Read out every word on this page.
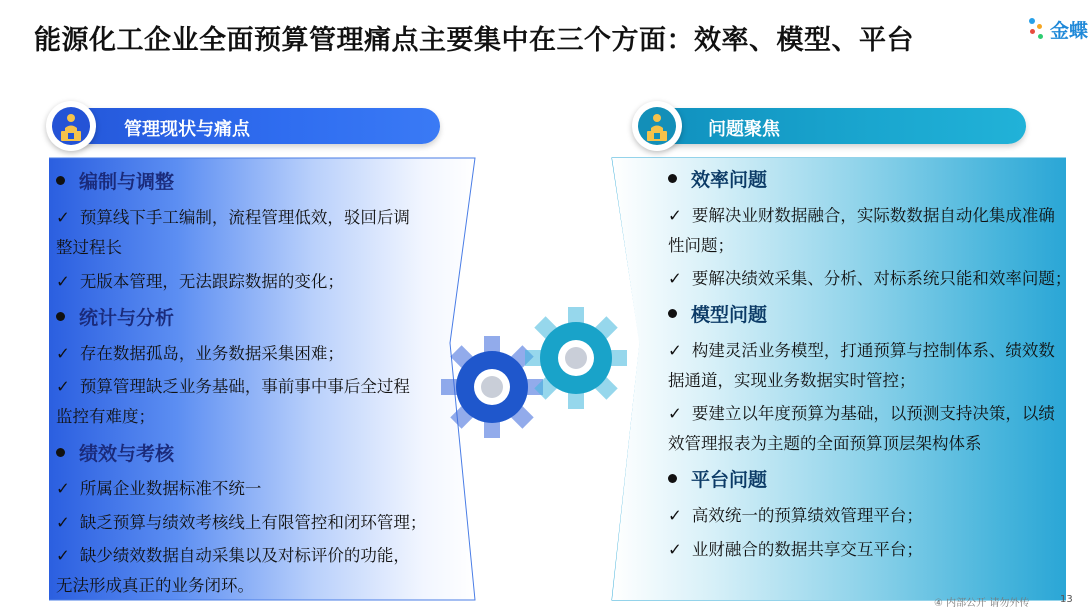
能源化工企业全面预算管理痛点主要集中在三个方面：效率、模型、平台	金蝶
管理现状与痛点	问题聚焦
编制与调整
✓ 预算线下手工编制，流程管理低效，驳回后调
整过程长
✓ 无版本管理，无法跟踪数据的变化；
统计与分析
✓ 存在数据孤岛，业务数据采集困难；
✓ 预算管理缺乏业务基础，事前事中事后全过程
监控有难度；
绩效与考核
✓ 所属企业数据标准不统一
✓ 缺乏预算与绩效考核线上有限管控和闭环管理；
✓ 缺少绩效数据自动采集以及对标评价的功能，
无法形成真正的业务闭环。
效率问题
✓ 要解决业财数据融合，实际数数据自动化集成准确
性问题；
✓ 要解决绩效采集、分析、对标系统只能和效率问题；
模型问题
✓ 构建灵活业务模型，打通预算与控制体系、绩效数
据通道，实现业务数据实时管控；
✓ 要建立以年度预算为基础，以预测支持决策，以绩
效管理报表为主题的全面预算顶层架构体系
平台问题
✓ 高效统一的预算绩效管理平台；
✓ 业财融合的数据共享交互平台；
④ 内部公开 请勿外传	13
